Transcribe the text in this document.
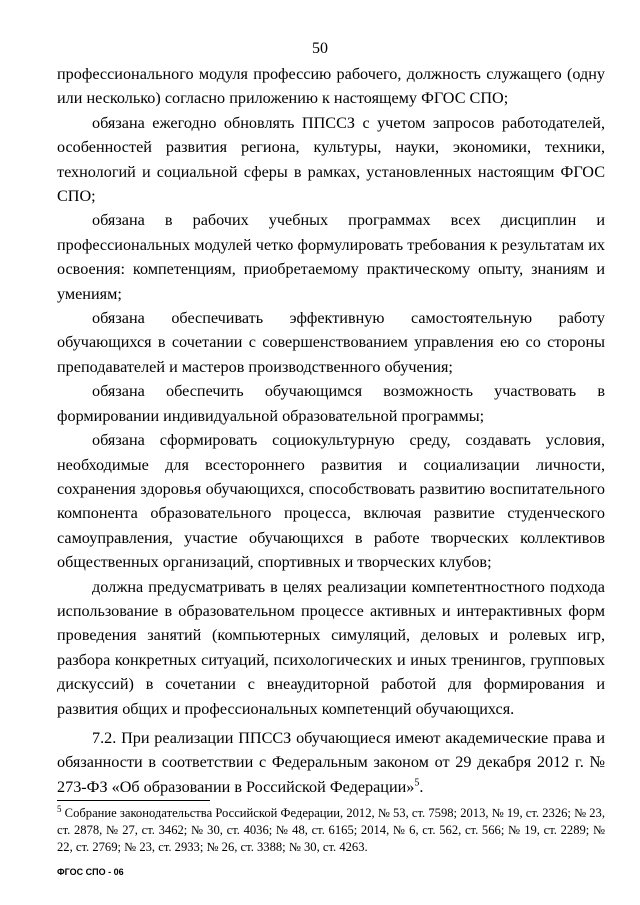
50

профессионального модуля профессию рабочего, должность служащего (одну или несколько) согласно приложению к настоящему ФГОС СПО;

обязана ежегодно обновлять ППССЗ с учетом запросов работодателей, особенностей развития региона, культуры, науки, экономики, техники, технологий и социальной сферы в рамках, установленных настоящим ФГОС СПО;

обязана в рабочих учебных программах всех дисциплин и профессиональных модулей четко формулировать требования к результатам их освоения: компетенциям, приобретаемому практическому опыту, знаниям и умениям;

обязана обеспечивать эффективную самостоятельную работу обучающихся в сочетании с совершенствованием управления ею со стороны преподавателей и мастеров производственного обучения;

обязана обеспечить обучающимся возможность участвовать в формировании индивидуальной образовательной программы;

обязана сформировать социокультурную среду, создавать условия, необходимые для всестороннего развития и социализации личности, сохранения здоровья обучающихся, способствовать развитию воспитательного компонента образовательного процесса, включая развитие студенческого самоуправления, участие обучающихся в работе творческих коллективов общественных организаций, спортивных и творческих клубов;

должна предусматривать в целях реализации компетентностного подхода использование в образовательном процессе активных и интерактивных форм проведения занятий (компьютерных симуляций, деловых и ролевых игр, разбора конкретных ситуаций, психологических и иных тренингов, групповых дискуссий) в сочетании с внеаудиторной работой для формирования и развития общих и профессиональных компетенций обучающихся.

7.2. При реализации ППССЗ обучающиеся имеют академические права и обязанности в соответствии с Федеральным законом от 29 декабря 2012 г. № 273-ФЗ «Об образовании в Российской Федерации»$^5$.

$^5$ Собрание законодательства Российской Федерации, 2012, № 53, ст. 7598; 2013, № 19, ст. 2326; № 23, ст. 2878, № 27, ст. 3462; № 30, ст. 4036; № 48, ст. 6165; 2014, № 6, ст. 562, ст. 566; № 19, ст. 2289; № 22, ст. 2769; № 23, ст. 2933; № 26, ст. 3388; № 30, ст. 4263.

ФГОС СПО - 06
